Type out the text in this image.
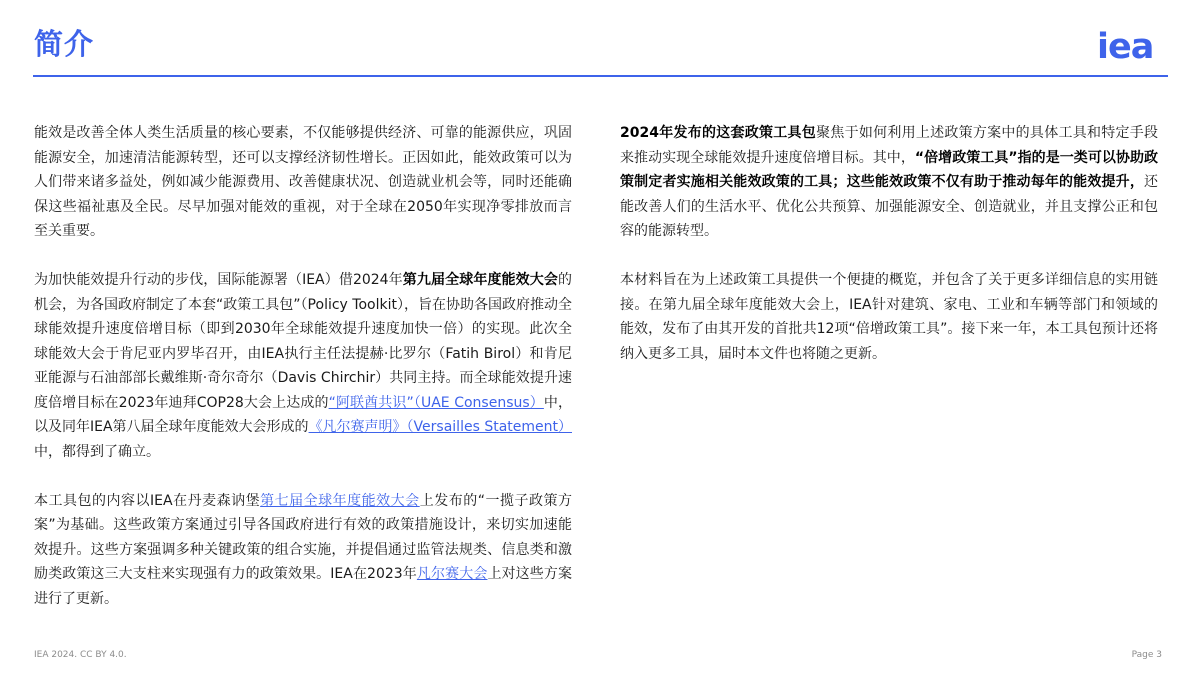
简介	iea

能效是改善全体人类生活质量的核心要素，不仅能够提供经济、可靠的能源供应，巩固能源安全，加速清洁能源转型，还可以支撑经济韧性增长。正因如此，能效政策可以为人们带来诸多益处，例如减少能源费用、改善健康状况、创造就业机会等，同时还能确保这些福祉惠及全民。尽早加强对能效的重视，对于全球在2050年实现净零排放而言至关重要。

为加快能效提升行动的步伐，国际能源署（IEA）借2024年第九届全球年度能效大会的机会，为各国政府制定了本套“政策工具包”（Policy Toolkit），旨在协助各国政府推动全球能效提升速度倍增目标（即到2030年全球能效提升速度加快一倍）的实现。此次全球能效大会于肯尼亚内罗毕召开，由IEA执行主任法提赫·比罗尔（Fatih Birol）和肯尼亚能源与石油部部长戴维斯·奇尔奇尔（Davis Chirchir）共同主持。而全球能效提升速度倍增目标在2023年迪拜COP28大会上达成的“阿联酋共识”（UAE Consensus）中，以及同年IEA第八届全球年度能效大会形成的《凡尔赛声明》（Versailles Statement）中，都得到了确立。

本工具包的内容以IEA在丹麦森讷堡第七届全球年度能效大会上发布的“一揽子政策方案”为基础。这些政策方案通过引导各国政府进行有效的政策措施设计，来切实加速能效提升。这些方案强调多种关键政策的组合实施，并提倡通过监管法规类、信息类和激励类政策这三大支柱来实现强有力的政策效果。IEA在2023年凡尔赛大会上对这些方案进行了更新。

2024年发布的这套政策工具包聚焦于如何利用上述政策方案中的具体工具和特定手段来推动实现全球能效提升速度倍增目标。其中，“倍增政策工具”指的是一类可以协助政策制定者实施相关能效政策的工具；这些能效政策不仅有助于推动每年的能效提升，还能改善人们的生活水平、优化公共预算、加强能源安全、创造就业，并且支撑公正和包容的能源转型。

本材料旨在为上述政策工具提供一个便捷的概览，并包含了关于更多详细信息的实用链接。在第九届全球年度能效大会上，IEA针对建筑、家电、工业和车辆等部门和领域的能效，发布了由其开发的首批共12项“倍增政策工具”。接下来一年，本工具包预计还将纳入更多工具，届时本文件也将随之更新。

IEA 2024. CC BY 4.0.	Page 3
